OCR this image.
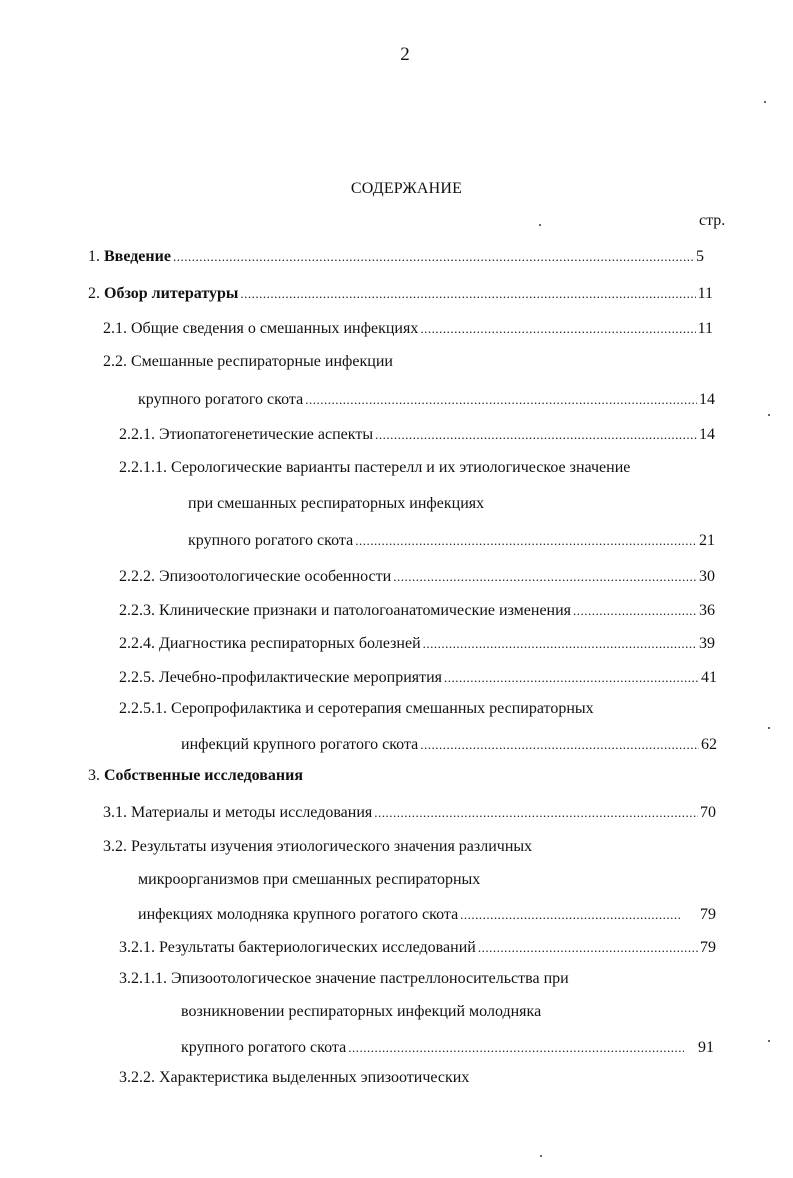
2
СОДЕРЖАНИЕ
стр.
1. Введение .....	5
2. Обзор литературы .....	11
2.1. Общие сведения о смешанных инфекциях .....	11
2.2. Смешанные респираторные инфекции
крупного рогатого скота .....	14
2.2.1. Этиопатогенетические аспекты .....	14
2.2.1.1. Серологические варианты пастерелл и их этиологическое значение
при смешанных респираторных инфекциях
крупного рогатого скота .....	21
2.2.2. Эпизоотологические особенности .....	30
2.2.3. Клинические признаки и патологоанатомические изменения .....	36
2.2.4. Диагностика респираторных болезней .....	39
2.2.5. Лечебно-профилактические мероприятия .....	41
2.2.5.1. Серопрофилактика и серотерапия смешанных респираторных
инфекций крупного рогатого скота .....	62
3. Собственные исследования
3.1. Материалы и методы исследования .....	70
3.2. Результаты изучения этиологического значения различных
микроорганизмов при смешанных респираторных
инфекциях молодняка крупного рогатого скота .....	79
3.2.1. Результаты бактериологических исследований .....	79
3.2.1.1. Эпизоотологическое значение пастреллоносительства при
возникновении респираторных инфекций молодняка
крупного рогатого скота .....	91
3.2.2. Характеристика выделенных эпизоотических
